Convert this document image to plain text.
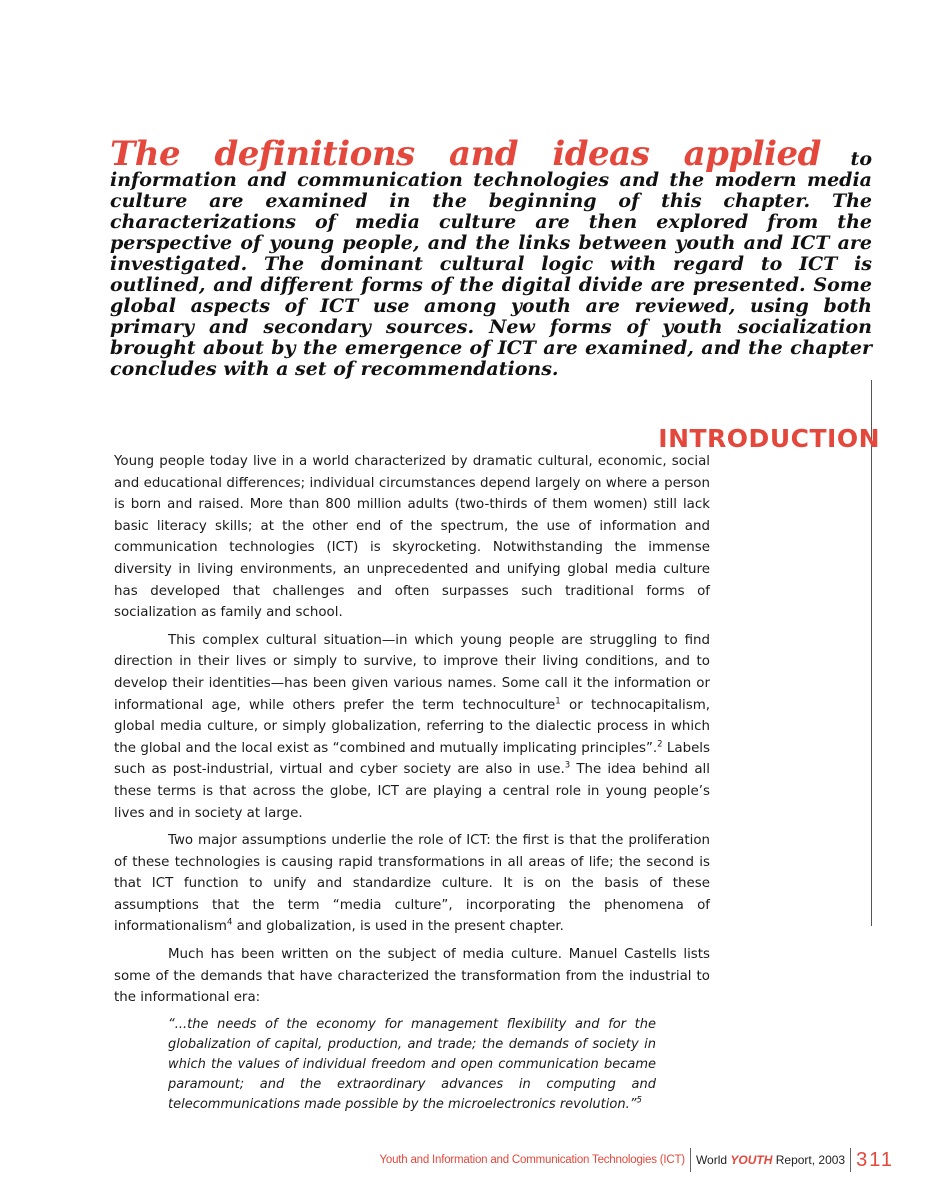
The definitions and ideas applied to information and communication technologies and the modern media culture are examined in the beginning of this chapter. The characterizations of media culture are then explored from the perspective of young people, and the links between youth and ICT are investigated. The dominant cultural logic with regard to ICT is outlined, and different forms of the digital divide are presented. Some global aspects of ICT use among youth are reviewed, using both primary and secondary sources. New forms of youth socialization brought about by the emergence of ICT are examined, and the chapter concludes with a set of recommendations.
INTRODUCTION

Young people today live in a world characterized by dramatic cultural, economic, social and educational differences; individual circumstances depend largely on where a person is born and raised. More than 800 million adults (two-thirds of them women) still lack basic literacy skills; at the other end of the spectrum, the use of information and communication technologies (ICT) is skyrocketing. Notwithstanding the immense diversity in living environments, an unprecedented and unifying global media culture has developed that challenges and often surpasses such traditional forms of socialization as family and school.

This complex cultural situation—in which young people are struggling to find direction in their lives or simply to survive, to improve their living conditions, and to develop their identities—has been given various names. Some call it the information or informational age, while others prefer the term technoculture$^1$ or technocapitalism, global media culture, or simply globalization, referring to the dialectic process in which the global and the local exist as “combined and mutually implicating principles”.$^2$ Labels such as post-industrial, virtual and cyber society are also in use.$^3$ The idea behind all these terms is that across the globe, ICT are playing a central role in young people’s lives and in society at large.

Two major assumptions underlie the role of ICT: the first is that the proliferation of these technologies is causing rapid transformations in all areas of life; the second is that ICT function to unify and standardize culture. It is on the basis of these assumptions that the term “media culture”, incorporating the phenomena of informationalism$^4$ and globalization, is used in the present chapter.

Much has been written on the subject of media culture. Manuel Castells lists some of the demands that have characterized the transformation from the industrial to the informational era:

“...the needs of the economy for management flexibility and for the globalization of capital, production, and trade; the demands of society in which the values of individual freedom and open communication became paramount; and the extraordinary advances in computing and telecommunications made possible by the microelectronics revolution.”$^5$
Youth and Information and Communication Technologies (ICT) World YOUTH Report, 2003 311
